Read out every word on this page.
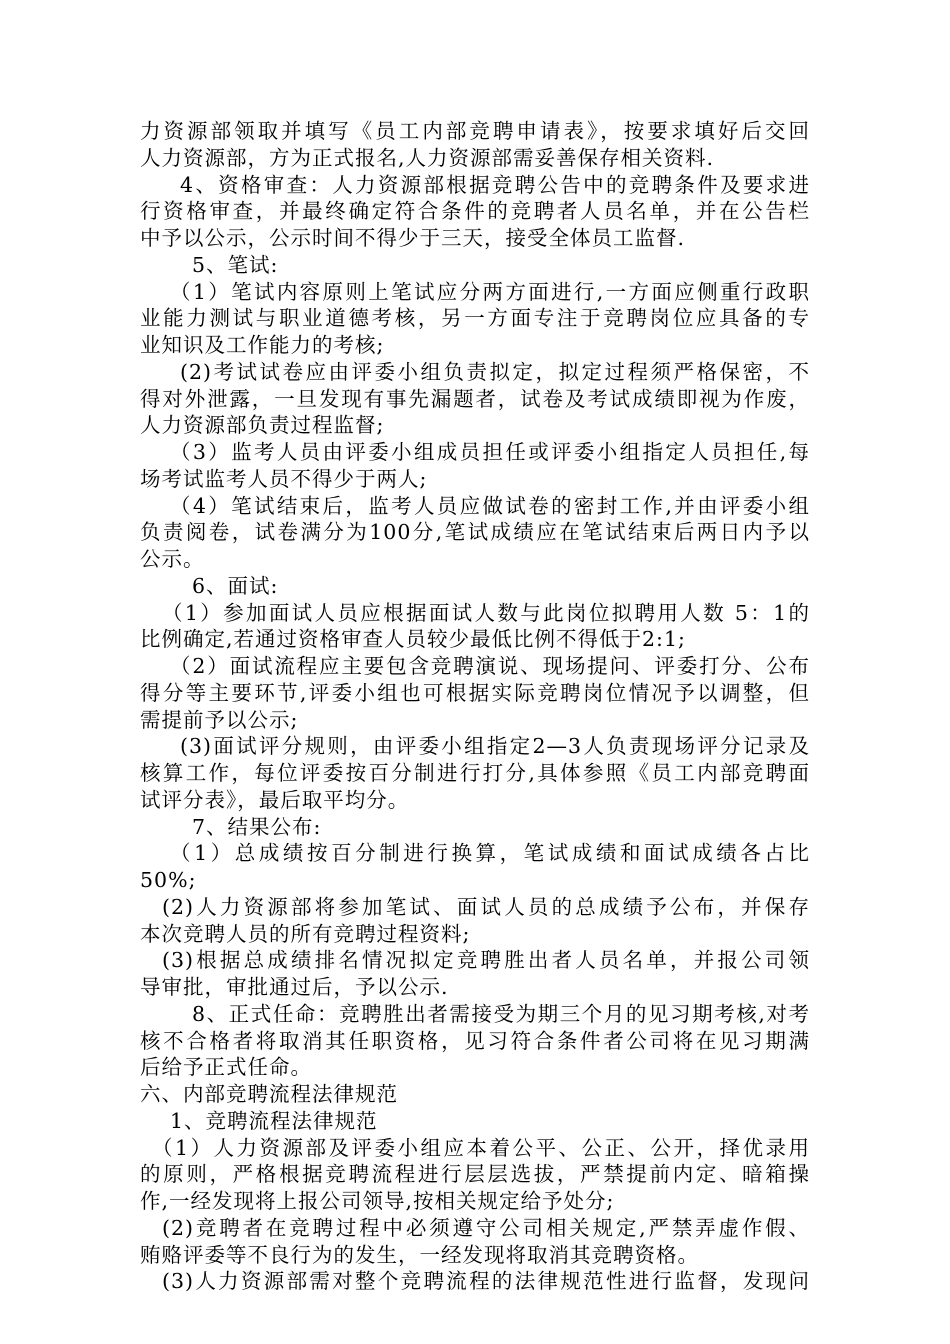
力资源部领取并填写《员工内部竞聘申请表》，按要求填好后交回
人力资源部，方为正式报名,人力资源部需妥善保存相关资料.
4、资格审查：人力资源部根据竞聘公告中的竞聘条件及要求进
行资格审查，并最终确定符合条件的竞聘者人员名单，并在公告栏
中予以公示，公示时间不得少于三天，接受全体员工监督.
5、笔试:
（1）笔试内容原则上笔试应分两方面进行,一方面应侧重行政职
业能力测试与职业道德考核，另一方面专注于竞聘岗位应具备的专
业知识及工作能力的考核;
(2)考试试卷应由评委小组负责拟定，拟定过程须严格保密，不
得对外泄露，一旦发现有事先漏题者，试卷及考试成绩即视为作废，
人力资源部负责过程监督;
（3）监考人员由评委小组成员担任或评委小组指定人员担任,每
场考试监考人员不得少于两人;
（4）笔试结束后，监考人员应做试卷的密封工作,并由评委小组
负责阅卷，试卷满分为100分,笔试成绩应在笔试结束后两日内予以
公示。
6、面试:
（1）参加面试人员应根据面试人数与此岗位拟聘用人数 5：1的
比例确定,若通过资格审查人员较少最低比例不得低于2:1;
（2）面试流程应主要包含竞聘演说、现场提问、评委打分、公布
得分等主要环节,评委小组也可根据实际竞聘岗位情况予以调整，但
需提前予以公示;
(3)面试评分规则，由评委小组指定2—3人负责现场评分记录及
核算工作，每位评委按百分制进行打分,具体参照《员工内部竞聘面
试评分表》，最后取平均分。
7、结果公布:
（1）总成绩按百分制进行换算，笔试成绩和面试成绩各占比
50%;
(2)人力资源部将参加笔试、面试人员的总成绩予公布，并保存
本次竞聘人员的所有竞聘过程资料;
(3)根据总成绩排名情况拟定竞聘胜出者人员名单，并报公司领
导审批，审批通过后，予以公示.
8、正式任命：竞聘胜出者需接受为期三个月的见习期考核,对考
核不合格者将取消其任职资格，见习符合条件者公司将在见习期满
后给予正式任命。
六、内部竞聘流程法律规范
1、竞聘流程法律规范
（1）人力资源部及评委小组应本着公平、公正、公开，择优录用
的原则，严格根据竞聘流程进行层层选拔，严禁提前内定、暗箱操
作,一经发现将上报公司领导,按相关规定给予处分;
(2)竞聘者在竞聘过程中必须遵守公司相关规定,严禁弄虚作假、
贿赂评委等不良行为的发生，一经发现将取消其竞聘资格。
(3)人力资源部需对整个竞聘流程的法律规范性进行监督，发现问
